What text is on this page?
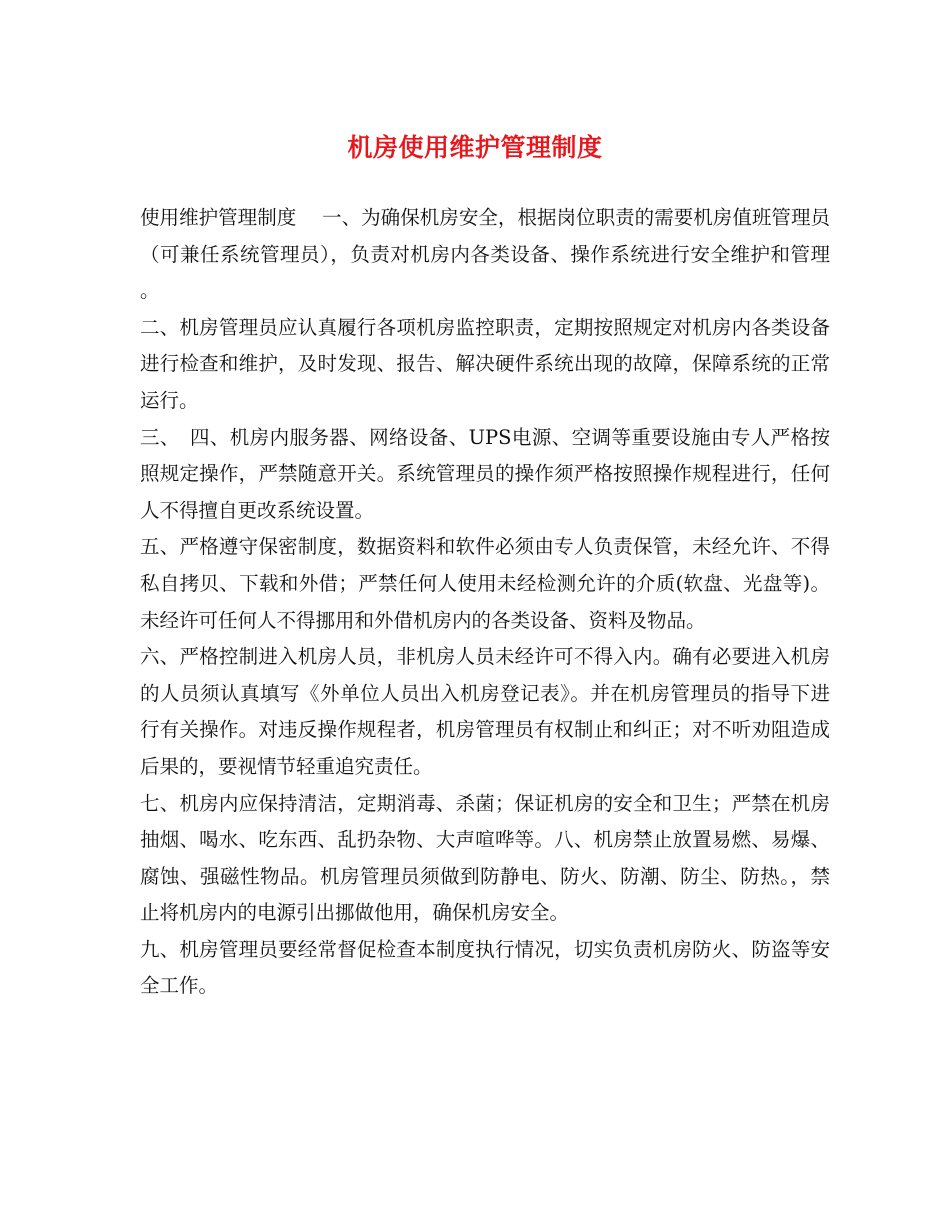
机房使用维护管理制度

使用维护管理制度　 一、为确保机房安全，根据岗位职责的需要机房值班管理员（可兼任系统管理员），负责对机房内各类设备、操作系统进行安全维护和管理。

二、机房管理员应认真履行各项机房监控职责，定期按照规定对机房内各类设备进行检查和维护，及时发现、报告、解决硬件系统出现的故障，保障系统的正常运行。

三、　四、机房内服务器、网络设备、UPS电源、空调等重要设施由专人严格按照规定操作，严禁随意开关。系统管理员的操作须严格按照操作规程进行，任何人不得擅自更改系统设置。

五、严格遵守保密制度，数据资料和软件必须由专人负责保管，未经允许、不得私自拷贝、下载和外借；严禁任何人使用未经检测允许的介质(软盘、光盘等)。未经许可任何人不得挪用和外借机房内的各类设备、资料及物品。

六、严格控制进入机房人员，非机房人员未经许可不得入内。确有必要进入机房的人员须认真填写《外单位人员出入机房登记表》。并在机房管理员的指导下进行有关操作。对违反操作规程者，机房管理员有权制止和纠正；对不听劝阻造成后果的，要视情节轻重追究责任。

七、机房内应保持清洁，定期消毒、杀菌；保证机房的安全和卫生；严禁在机房抽烟、喝水、吃东西、乱扔杂物、大声喧哗等。八、机房禁止放置易燃、易爆、腐蚀、强磁性物品。机房管理员须做到防静电、防火、防潮、防尘、防热。，禁止将机房内的电源引出挪做他用，确保机房安全。

九、机房管理员要经常督促检查本制度执行情况，切实负责机房防火、防盗等安全工作。
